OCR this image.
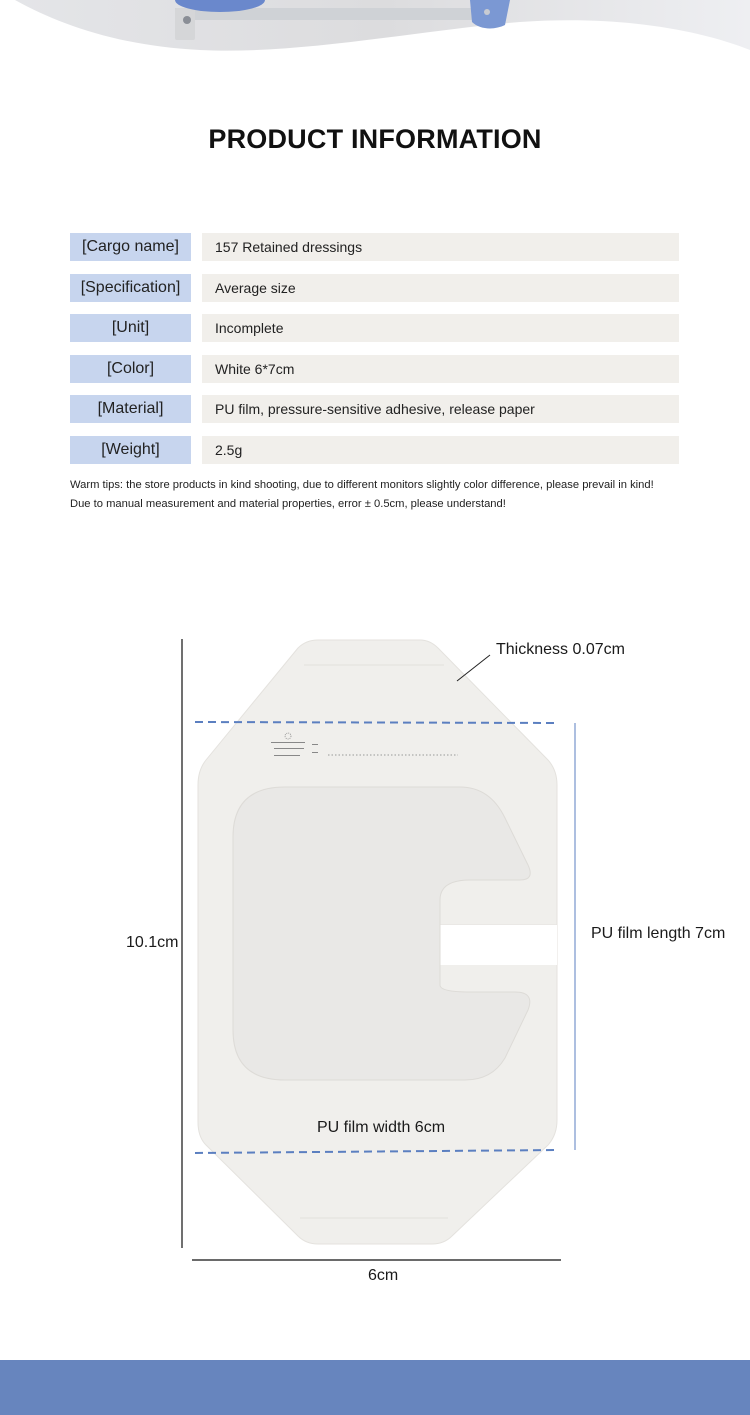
PRODUCT INFORMATION
[Cargo name]	157 Retained dressings
[Specification]	Average size
[Unit]	Incomplete
[Color]	White 6*7cm
[Material]	PU film, pressure-sensitive adhesive, release paper
[Weight]	2.5g
Warm tips: the store products in kind shooting, due to different monitors slightly color difference, please prevail in kind!
Due to manual measurement and material properties, error ± 0.5cm, please understand!
Thickness 0.07cm
10.1cm
PU film length 7cm
PU film width 6cm
6cm
